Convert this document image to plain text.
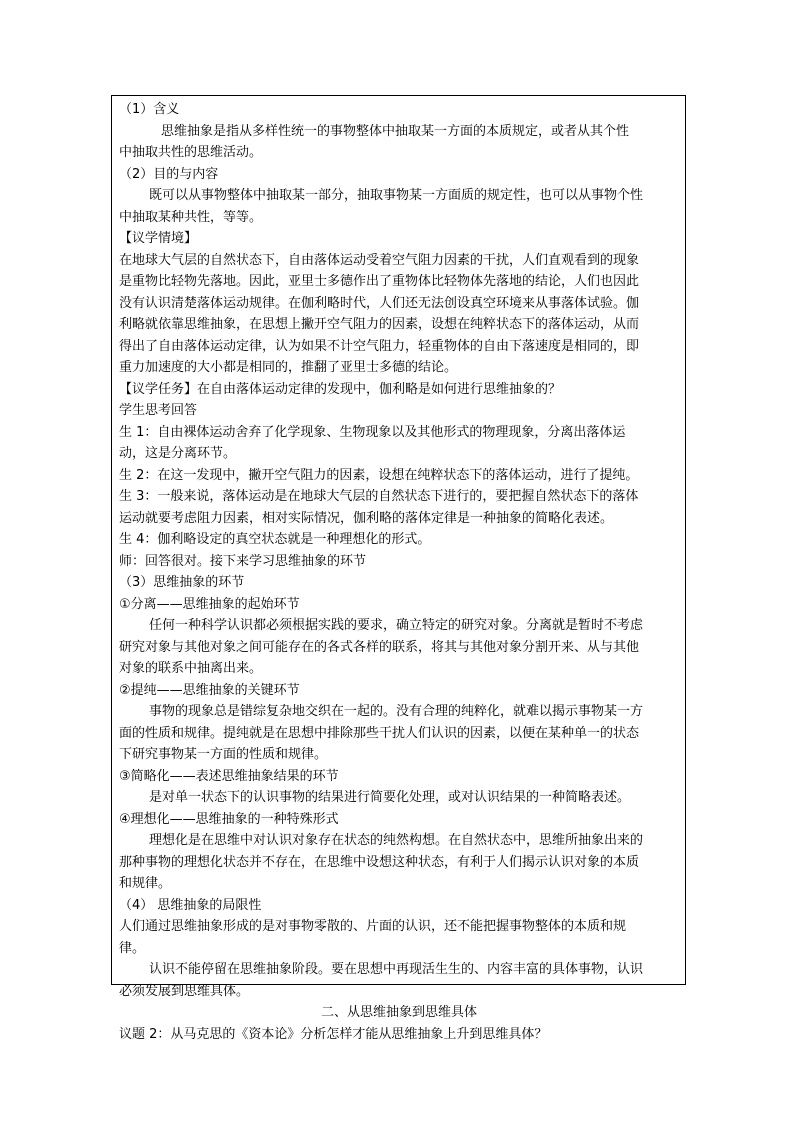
（1）含义
思维抽象是指从多样性统一的事物整体中抽取某一方面的本质规定，或者从其个性
中抽取共性的思维活动。
（2）目的与内容
既可以从事物整体中抽取某一部分，抽取事物某一方面质的规定性，也可以从事物个性
中抽取某种共性，等等。
【议学情境】
在地球大气层的自然状态下，自由落体运动受着空气阻力因素的干扰，人们直观看到的现象
是重物比轻物先落地。因此，亚里士多德作出了重物体比轻物体先落地的结论，人们也因此
没有认识清楚落体运动规律。在伽利略时代，人们还无法创设真空环境来从事落体试验。伽
利略就依靠思维抽象，在思想上撇开空气阻力的因素，设想在纯粹状态下的落体运动，从而
得出了自由落体运动定律，认为如果不计空气阻力，轻重物体的自由下落速度是相同的，即
重力加速度的大小都是相同的，推翻了亚里士多德的结论。
【议学任务】在自由落体运动定律的发现中，伽利略是如何进行思维抽象的？
学生思考回答
生 1：自由裸体运动舍弃了化学现象、生物现象以及其他形式的物理现象，分离出落体运
动，这是分离环节。
生 2：在这一发现中，撇开空气阻力的因素，设想在纯粹状态下的落体运动，进行了提纯。
生 3：一般来说，落体运动是在地球大气层的自然状态下进行的，要把握自然状态下的落体
运动就要考虑阻力因素，相对实际情况，伽利略的落体定律是一种抽象的简略化表述。
生 4：伽利略设定的真空状态就是一种理想化的形式。
师：回答很对。接下来学习思维抽象的环节
（3）思维抽象的环节
①分离——思维抽象的起始环节
任何一种科学认识都必须根据实践的要求，确立特定的研究对象。分离就是暂时不考虑
研究对象与其他对象之间可能存在的各式各样的联系，将其与其他对象分割开来、从与其他
对象的联系中抽离出来。
②提纯——思维抽象的关键环节
事物的现象总是错综复杂地交织在一起的。没有合理的纯粹化，就难以揭示事物某一方
面的性质和规律。提纯就是在思想中排除那些干扰人们认识的因素，以便在某种单一的状态
下研究事物某一方面的性质和规律。
③简略化——表述思维抽象结果的环节
是对单一状态下的认识事物的结果进行简要化处理，或对认识结果的一种简略表述。
④理想化——思维抽象的一种特殊形式
理想化是在思维中对认识对象存在状态的纯然构想。在自然状态中，思维所抽象出来的
那种事物的理想化状态并不存在，在思维中设想这种状态，有利于人们揭示认识对象的本质
和规律。
（4） 思维抽象的局限性
人们通过思维抽象形成的是对事物零散的、片面的认识，还不能把握事物整体的本质和规
律。
认识不能停留在思维抽象阶段。要在思想中再现活生生的、内容丰富的具体事物，认识
必须发展到思维具体。
二、从思维抽象到思维具体
议题 2：从马克思的《资本论》分析怎样才能从思维抽象上升到思维具体？
